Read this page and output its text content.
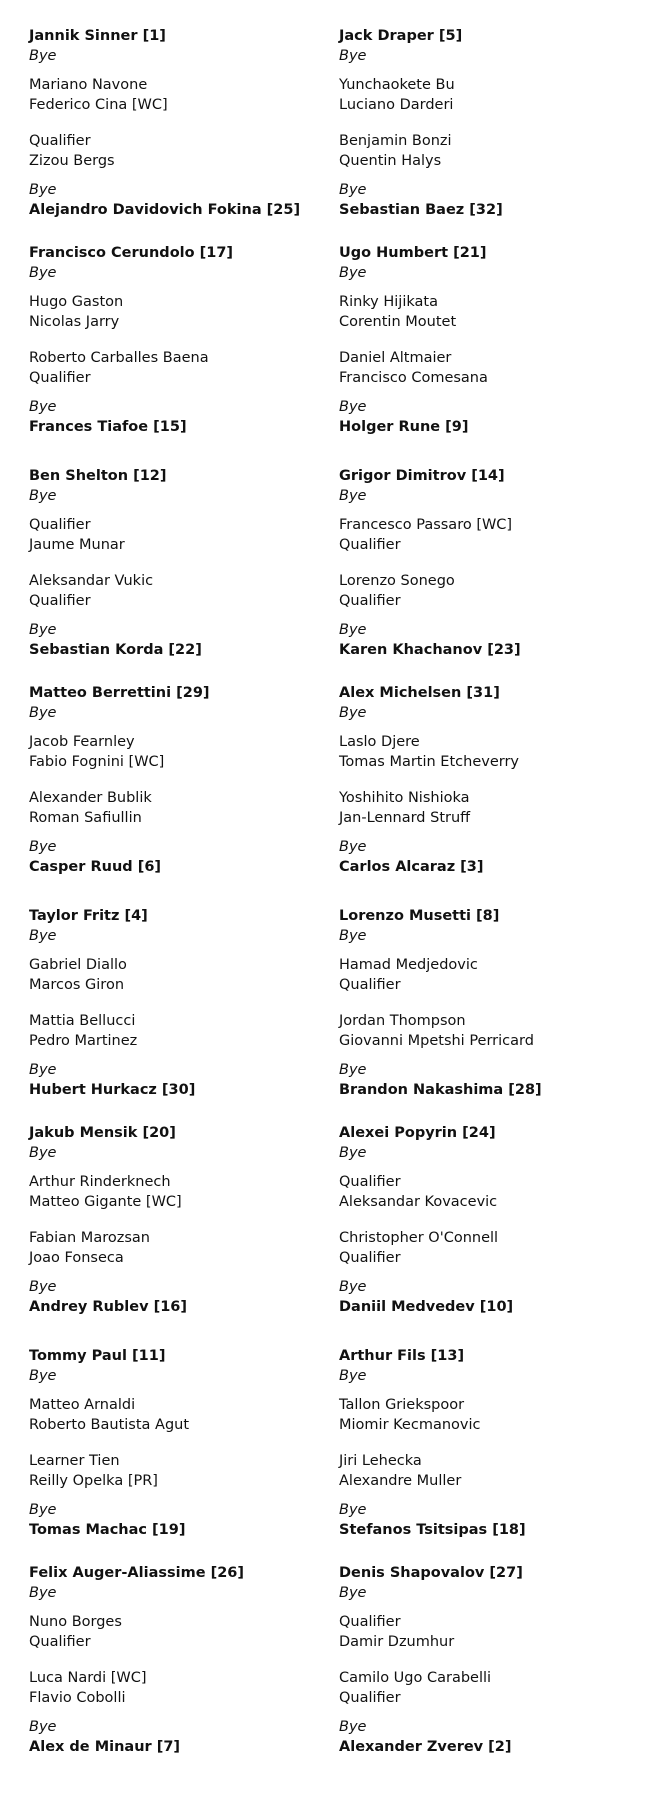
Jannik Sinner [1]
Bye
Mariano Navone
Federico Cina [WC]
Qualifier
Zizou Bergs
Bye
Alejandro Davidovich Fokina [25]
Francisco Cerundolo [17]
Bye
Hugo Gaston
Nicolas Jarry
Roberto Carballes Baena
Qualifier
Bye
Frances Tiafoe [15]
Ben Shelton [12]
Bye
Qualifier
Jaume Munar
Aleksandar Vukic
Qualifier
Bye
Sebastian Korda [22]
Matteo Berrettini [29]
Bye
Jacob Fearnley
Fabio Fognini [WC]
Alexander Bublik
Roman Safiullin
Bye
Casper Ruud [6]
Taylor Fritz [4]
Bye
Gabriel Diallo
Marcos Giron
Mattia Bellucci
Pedro Martinez
Bye
Hubert Hurkacz [30]
Jakub Mensik [20]
Bye
Arthur Rinderknech
Matteo Gigante [WC]
Fabian Marozsan
Joao Fonseca
Bye
Andrey Rublev [16]
Tommy Paul [11]
Bye
Matteo Arnaldi
Roberto Bautista Agut
Learner Tien
Reilly Opelka [PR]
Bye
Tomas Machac [19]
Felix Auger-Aliassime [26]
Bye
Nuno Borges
Qualifier
Luca Nardi [WC]
Flavio Cobolli
Bye
Alex de Minaur [7]
Jack Draper [5]
Bye
Yunchaokete Bu
Luciano Darderi
Benjamin Bonzi
Quentin Halys
Bye
Sebastian Baez [32]
Ugo Humbert [21]
Bye
Rinky Hijikata
Corentin Moutet
Daniel Altmaier
Francisco Comesana
Bye
Holger Rune [9]
Grigor Dimitrov [14]
Bye
Francesco Passaro [WC]
Qualifier
Lorenzo Sonego
Qualifier
Bye
Karen Khachanov [23]
Alex Michelsen [31]
Bye
Laslo Djere
Tomas Martin Etcheverry
Yoshihito Nishioka
Jan-Lennard Struff
Bye
Carlos Alcaraz [3]
Lorenzo Musetti [8]
Bye
Hamad Medjedovic
Qualifier
Jordan Thompson
Giovanni Mpetshi Perricard
Bye
Brandon Nakashima [28]
Alexei Popyrin [24]
Bye
Qualifier
Aleksandar Kovacevic
Christopher O'Connell
Qualifier
Bye
Daniil Medvedev [10]
Arthur Fils [13]
Bye
Tallon Griekspoor
Miomir Kecmanovic
Jiri Lehecka
Alexandre Muller
Bye
Stefanos Tsitsipas [18]
Denis Shapovalov [27]
Bye
Qualifier
Damir Dzumhur
Camilo Ugo Carabelli
Qualifier
Bye
Alexander Zverev [2]
